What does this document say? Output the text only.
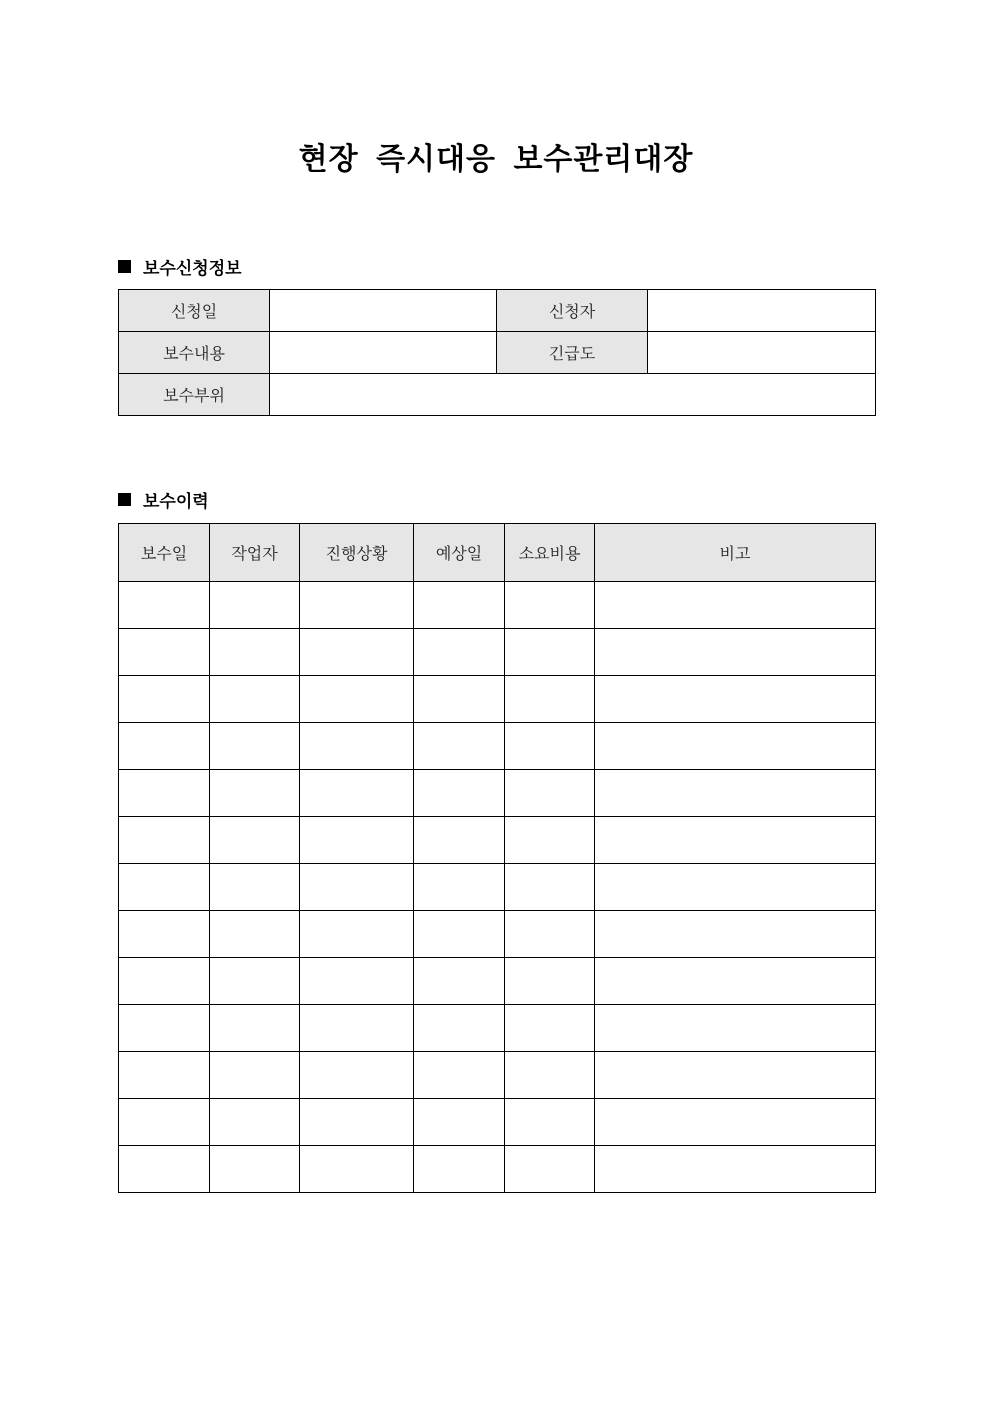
현장 즉시대응 보수관리대장
보수신청정보
신청일		신청자	
보수내용		긴급도	
보수부위			
보수이력
보수일	작업자	진행상황	예상일	소요비용	비고
